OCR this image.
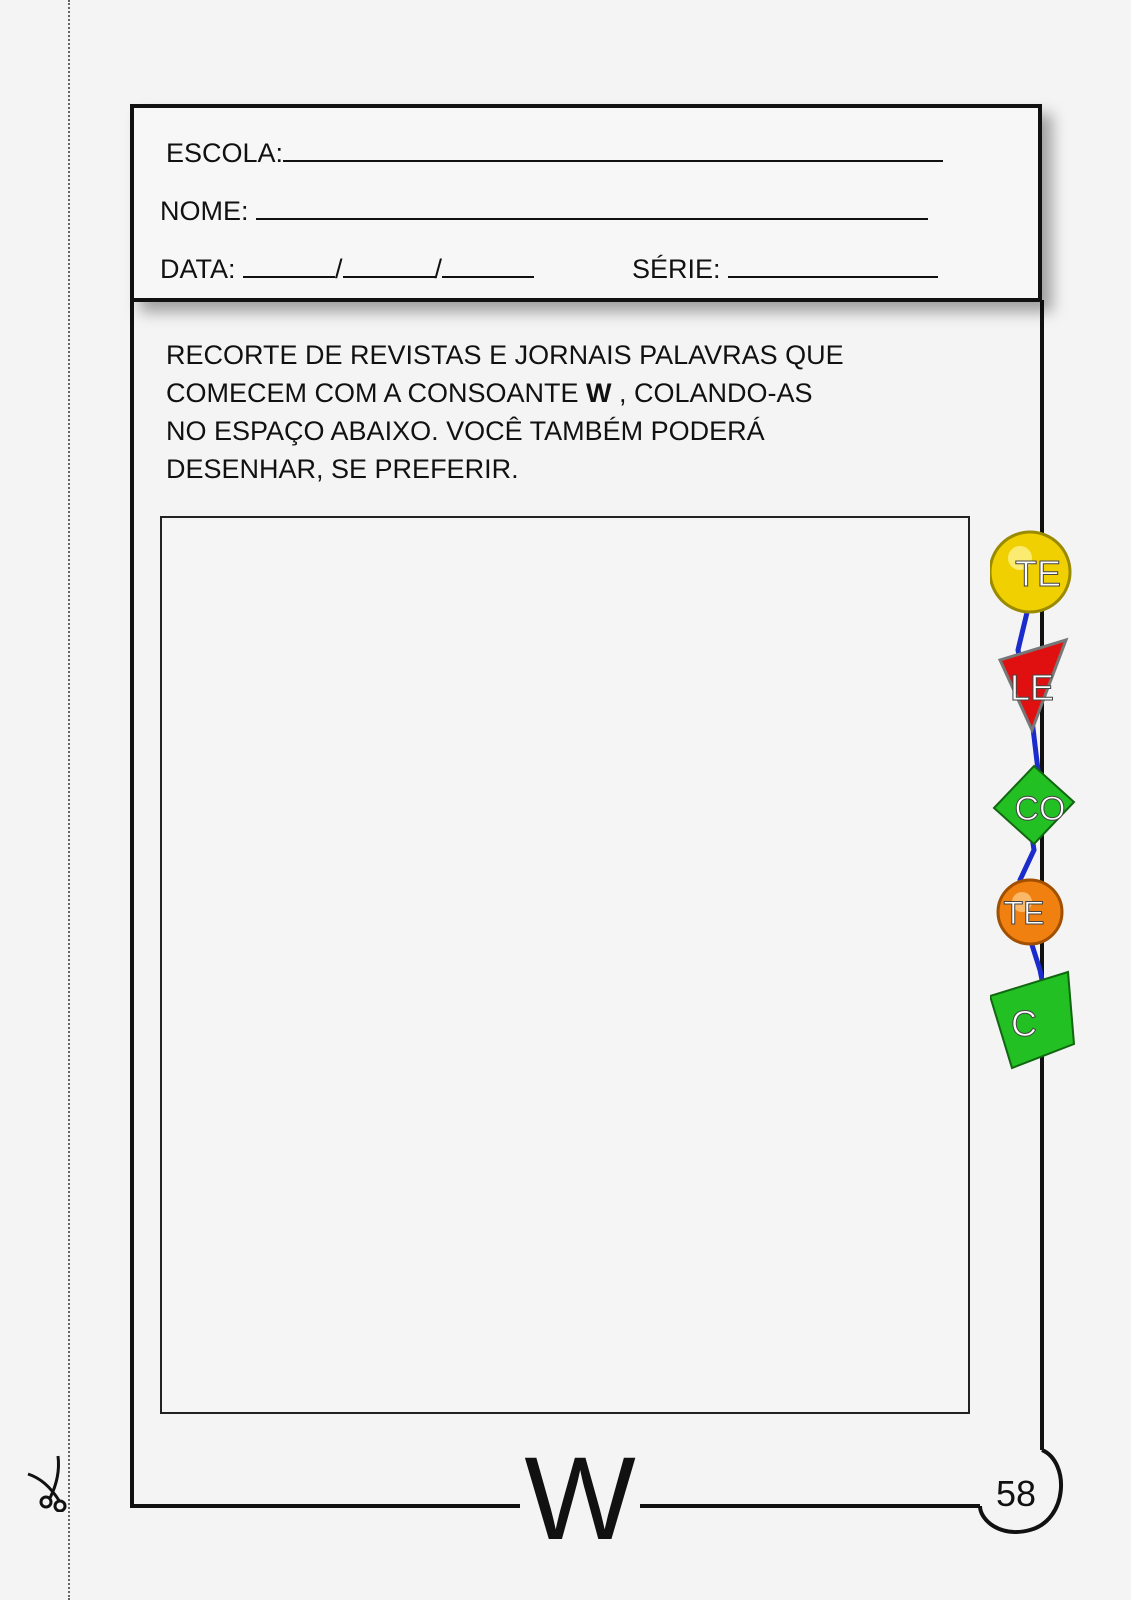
ESCOLA:
NOME:
DATA:	/	/	SÉRIE:

RECORTE DE REVISTAS E JORNAIS PALAVRAS QUE

COMECEM COM A CONSOANTE W , COLANDO-AS

NO ESPAÇO ABAIXO. VOCÊ TAMBÉM PODERÁ

DESENHAR, SE PREFERIR.

TE
LE
CO
TE
C
W	58
